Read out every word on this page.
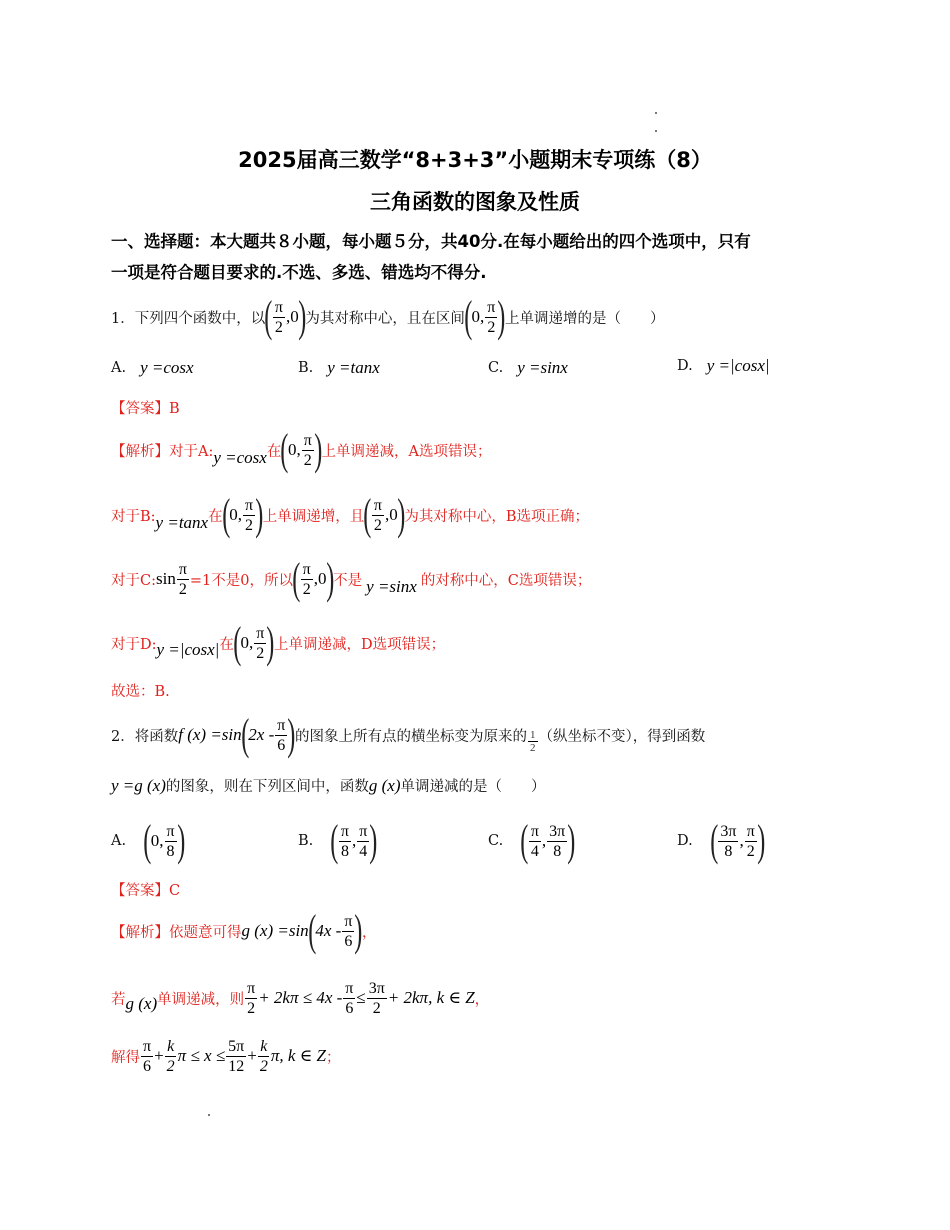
2025届高三数学“8+3+3”小题期末专项练（8）
三角函数的图象及性质
一、选择题：本大题共８小题，每小题５分，共40分.在每小题给出的四个选项中，只有
一项是符合题目要求的.不选、多选、错选均不得分.
1．下列四个函数中，以 ( $\frac{\pi}{2} ,0$ ) 为其对称中心，且在区间 ( 0, $\frac{\pi}{2}$ ) 上单调递增的是（　　）
A. y =cosx	B. y =tanx	C. y =sinx	D. y =|cosx|
【答案】B
【解析】对于A: y =cosx 在 ( 0, $\frac{\pi}{2}$ ) 上单调递减，A选项错误；
对于B: y =tanx 在 ( 0, $\frac{\pi}{2}$ ) 上单调递增，且 ( $\frac{\pi}{2} ,0$ ) 为其对称中心，B选项正确；
对于C: $\sin \frac{\pi}{2} =1$不是0，所以 ( $\frac{\pi}{2} ,0$ ) 不是 y =sinx 的对称中心，C选项错误；
对于D: y =|cosx| 在 ( 0, $\frac{\pi}{2}$ ) 上单调递减，D选项错误；
故选：B.
2．将函数 f (x) =sin ( $2x - \frac{\pi}{6}$ ) 的图象上所有点的横坐标变为原来的 $\frac{1}{2}$ （纵坐标不变），得到函数
y =g (x) 的图象，则在下列区间中，函数 g (x) 单调递减的是（　　）
A. ( 0, $\frac{\pi}{8}$ )	B. ( $\frac{\pi}{8}$ , $\frac{\pi}{4}$ )	C. ( $\frac{\pi}{4}$ , $\frac{3\pi}{8}$ )	D. ( $\frac{3\pi}{8}$ , $\frac{\pi}{2}$ )
【答案】C
【解析】依题意可得 g (x) =sin ( $4x - \frac{\pi}{6}$ ) ，
若 g (x) 单调递减，则 $\frac{\pi}{2} + 2k\pi \le 4x - \frac{\pi}{6} \le \frac{3\pi}{2} + 2k\pi$, k ∈ Z ，
解得 $\frac{\pi}{6} + \frac{k}{2}$ $\pi \le x \le \frac{5\pi}{12} + \frac{k}{2} \pi$, k ∈ Z ；
